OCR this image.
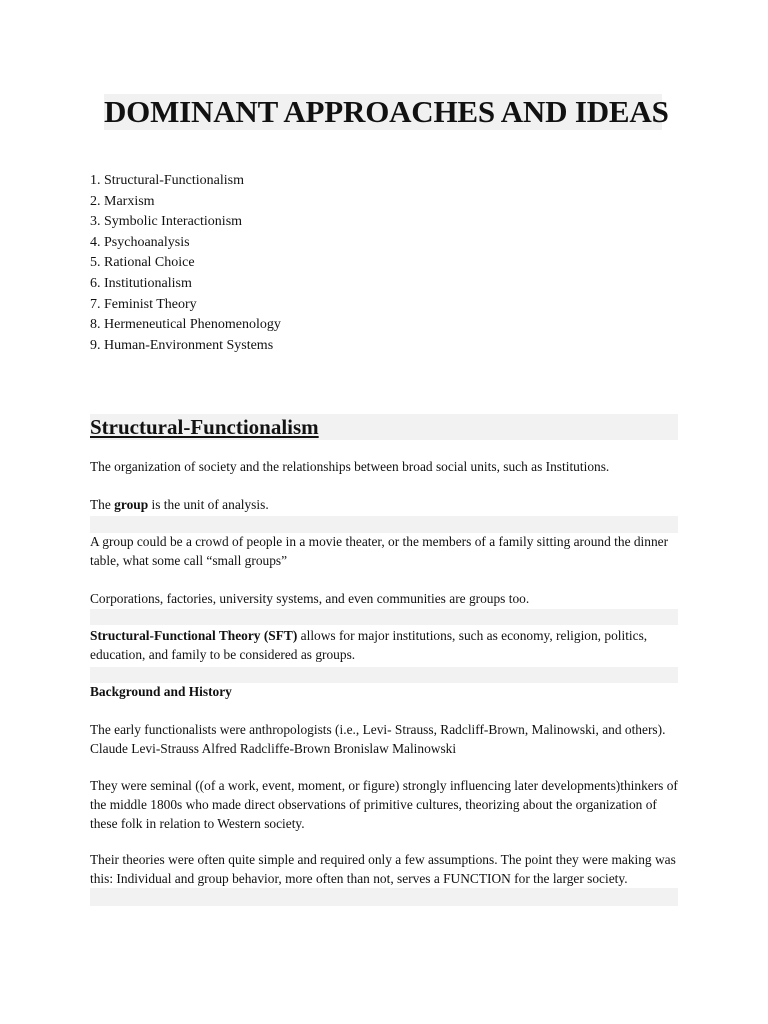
DOMINANT APPROACHES AND IDEAS
1. Structural-Functionalism
2. Marxism
3. Symbolic Interactionism
4. Psychoanalysis
5. Rational Choice
6. Institutionalism
7. Feminist Theory
8. Hermeneutical Phenomenology
9. Human-Environment Systems
Structural-Functionalism

The organization of society and the relationships between broad social units, such as Institutions.

The group is the unit of analysis.

A group could be a crowd of people in a movie theater, or the members of a family sitting around the dinner table, what some call “small groups”

Corporations, factories, university systems, and even communities are groups too.

Structural-Functional Theory (SFT) allows for major institutions, such as economy, religion, politics, education, and family to be considered as groups.

Background and History

The early functionalists were anthropologists (i.e., Levi- Strauss, Radcliff-Brown, Malinowski, and others). Claude Levi-Strauss Alfred Radcliffe-Brown Bronislaw Malinowski

They were seminal ((of a work, event, moment, or figure) strongly influencing later developments)thinkers of the middle 1800s who made direct observations of primitive cultures, theorizing about the organization of these folk in relation to Western society.

Their theories were often quite simple and required only a few assumptions. The point they were making was this: Individual and group behavior, more often than not, serves a FUNCTION for the larger society.
